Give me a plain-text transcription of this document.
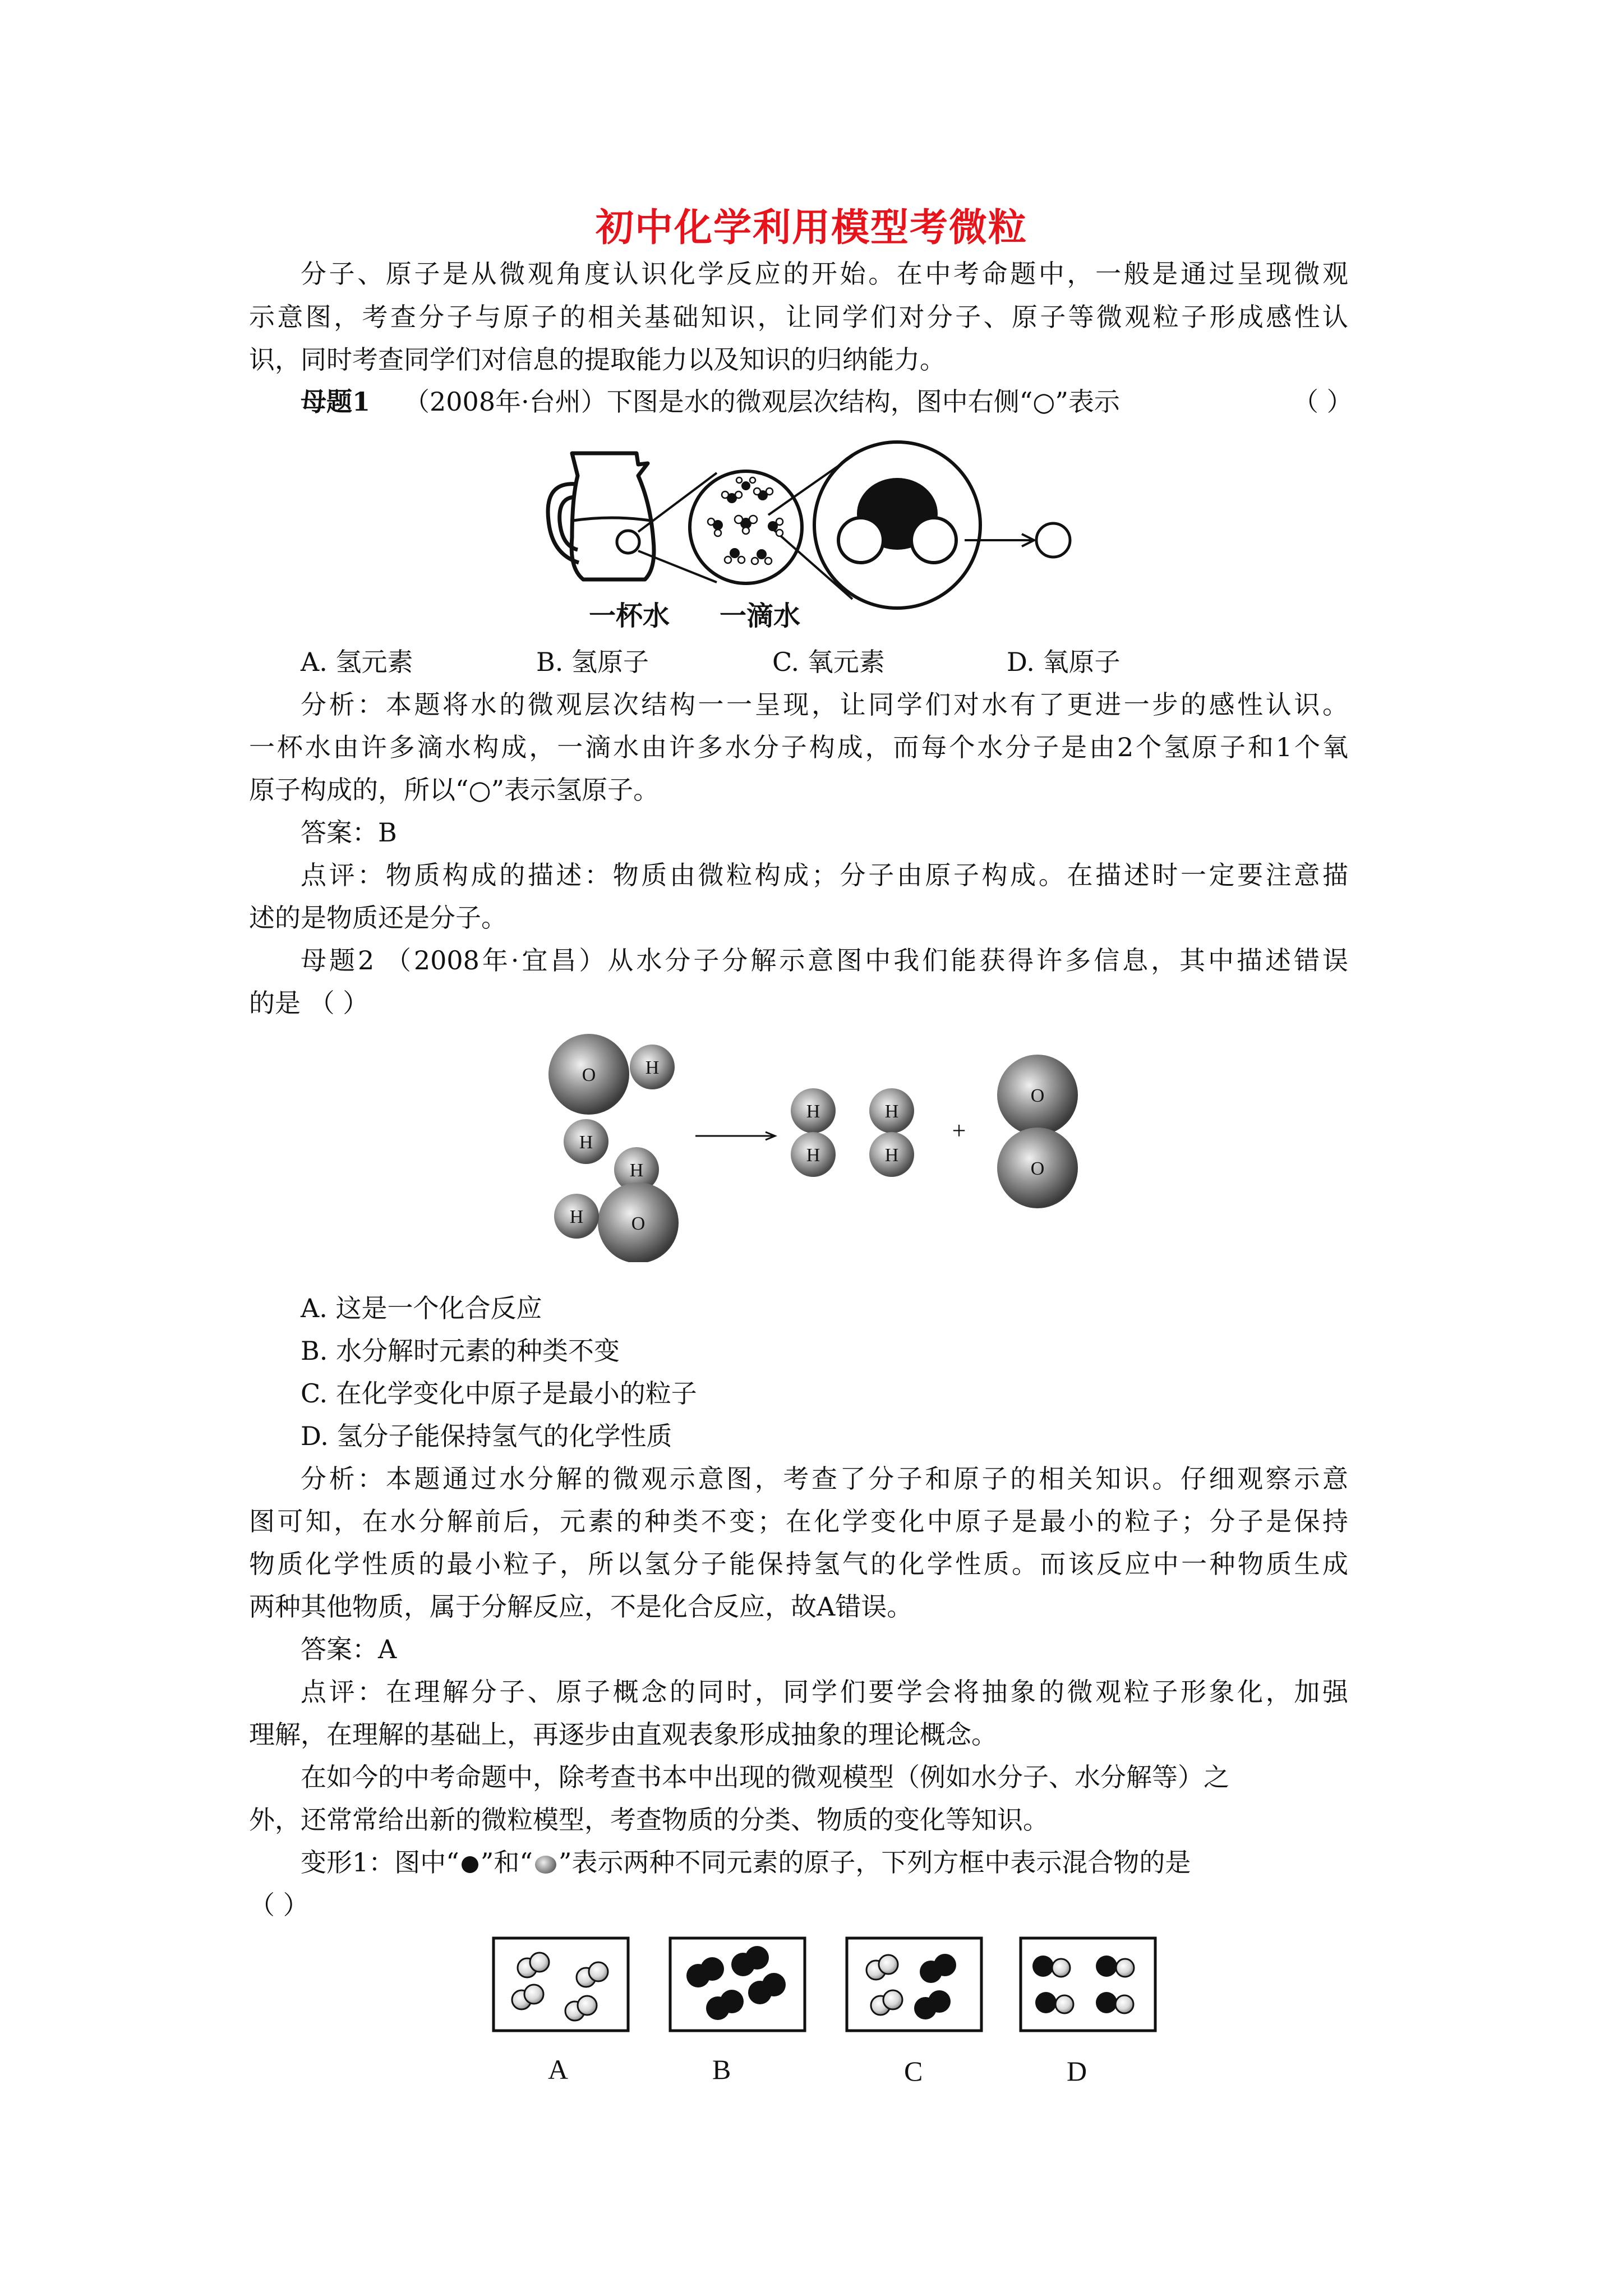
初中化学利用模型考微粒
分子、原子是从微观角度认识化学反应的开始。在中考命题中，一般是通过呈现微观
示意图，考查分子与原子的相关基础知识，让同学们对分子、原子等微观粒子形成感性认
识，同时考查同学们对信息的提取能力以及知识的归纳能力。
母题1 （2008年·台州）下图是水的微观层次结构，图中右侧“○”表示	（ ）
一杯水 一滴水
A. 氢元素	B. 氢原子	C. 氧元素	D. 氧原子
分析：本题将水的微观层次结构一一呈现，让同学们对水有了更进一步的感性认识。
一杯水由许多滴水构成，一滴水由许多水分子构成，而每个水分子是由2个氢原子和1个氧
原子构成的，所以“○”表示氢原子。
答案：B
点评：物质构成的描述：物质由微粒构成；分子由原子构成。在描述时一定要注意描
述的是物质还是分子。
母题2 （2008年·宜昌）从水分子分解示意图中我们能获得许多信息，其中描述错误
的是 （ ）
O	H
H
H
O
H
H
H
H
H
+
O
O
A. 这是一个化合反应
B. 水分解时元素的种类不变
C. 在化学变化中原子是最小的粒子
D. 氢分子能保持氢气的化学性质
分析：本题通过水分解的微观示意图，考查了分子和原子的相关知识。仔细观察示意
图可知，在水分解前后，元素的种类不变；在化学变化中原子是最小的粒子；分子是保持
物质化学性质的最小粒子，所以氢分子能保持氢气的化学性质。而该反应中一种物质生成
两种其他物质，属于分解反应，不是化合反应，故A错误。
答案：A
点评：在理解分子、原子概念的同时，同学们要学会将抽象的微观粒子形象化，加强
理解，在理解的基础上，再逐步由直观表象形成抽象的理论概念。
在如今的中考命题中，除考查书本中出现的微观模型（例如水分子、水分解等）之
外，还常常给出新的微粒模型，考查物质的分类、物质的变化等知识。
变形1：图中“ ”和“ ”表示两种不同元素的原子，下列方框中表示混合物的是
（ ）
A	B	C	D
